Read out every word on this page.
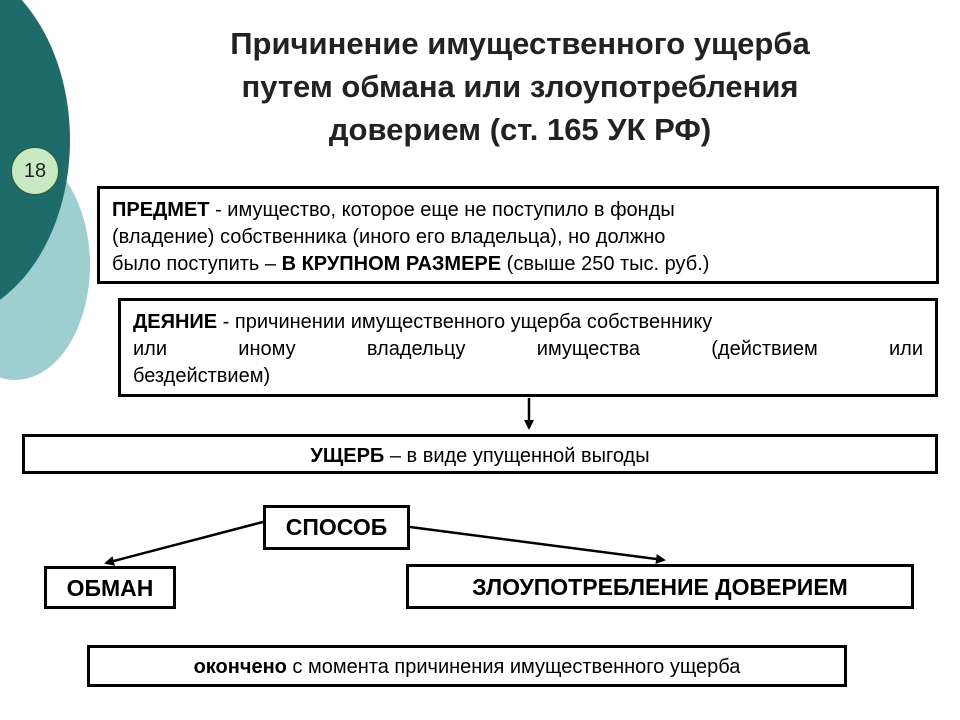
18
Причинение имущественного ущерба
путем обмана или злоупотребления
доверием (ст. 165 УК РФ)
ПРЕДМЕТ - имущество, которое еще не поступило в фонды
(владение) собственника (иного его владельца), но должно
было поступить – В КРУПНОМ РАЗМЕРЕ (свыше 250 тыс. руб.)
ДЕЯНИЕ - причинении имущественного ущерба собственнику
или иному владельцу имущества (действием или
бездействием)
УЩЕРБ – в виде упущенной выгоды
СПОСОБ
ОБМАН	ЗЛОУПОТРЕБЛЕНИЕ ДОВЕРИЕМ
окончено с момента причинения имущественного ущерба
